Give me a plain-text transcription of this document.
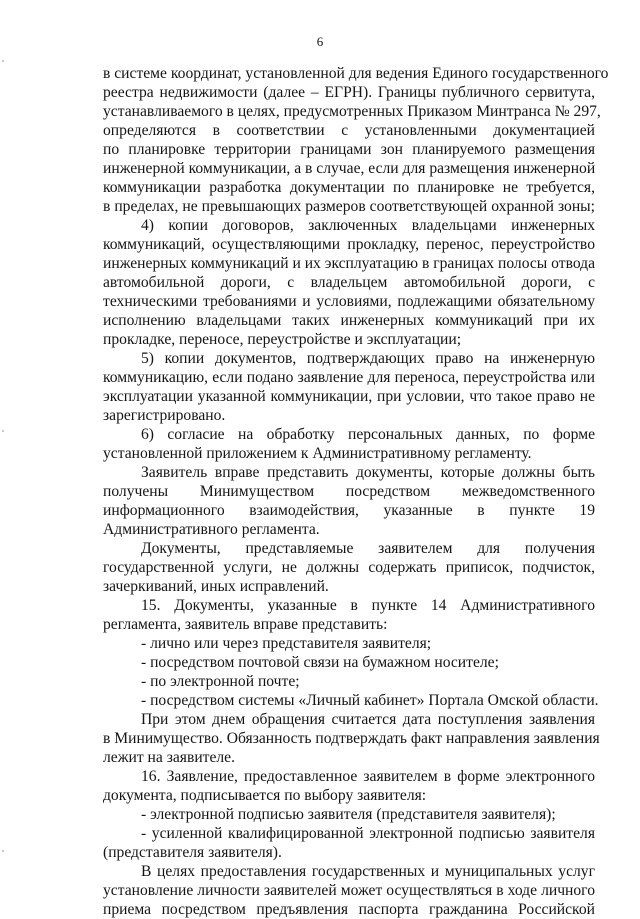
6
в системе координат, установленной для ведения Единого государственного
реестра недвижимости (далее – ЕГРН). Границы публичного сервитута,
устанавливаемого в целях, предусмотренных Приказом Минтранса № 297,
определяются в соответствии с установленными документацией
по планировке территории границами зон планируемого размещения
инженерной коммуникации, а в случае, если для размещения инженерной
коммуникации разработка документации по планировке не требуется,
в пределах, не превышающих размеров соответствующей охранной зоны;
4) копии договоров, заключенных владельцами инженерных
коммуникаций, осуществляющими прокладку, перенос, переустройство
инженерных коммуникаций и их эксплуатацию в границах полосы отвода
автомобильной дороги, с владельцем автомобильной дороги, с
техническими требованиями и условиями, подлежащими обязательному
исполнению владельцами таких инженерных коммуникаций при их
прокладке, переносе, переустройстве и эксплуатации;
5) копии документов, подтверждающих право на инженерную
коммуникацию, если подано заявление для переноса, переустройства или
эксплуатации указанной коммуникации, при условии, что такое право не
зарегистрировано.
6) согласие на обработку персональных данных, по форме
установленной приложением к Административному регламенту.
Заявитель вправе представить документы, которые должны быть
получены Минимуществом посредством межведомственного
информационного взаимодействия, указанные в пункте 19
Административного регламента.
Документы, представляемые заявителем для получения
государственной услуги, не должны содержать приписок, подчисток,
зачеркиваний, иных исправлений.
15. Документы, указанные в пункте 14 Административного
регламента, заявитель вправе представить:
- лично или через представителя заявителя;
- посредством почтовой связи на бумажном носителе;
- по электронной почте;
- посредством системы «Личный кабинет» Портала Омской области.
При этом днем обращения считается дата поступления заявления
в Минимущество. Обязанность подтверждать факт направления заявления
лежит на заявителе.
16. Заявление, предоставленное заявителем в форме электронного
документа, подписывается по выбору заявителя:
- электронной подписью заявителя (представителя заявителя);
- усиленной квалифицированной электронной подписью заявителя
(представителя заявителя).
В целях предоставления государственных и муниципальных услуг
установление личности заявителей может осуществляться в ходе личного
приема посредством предъявления паспорта гражданина Российской
